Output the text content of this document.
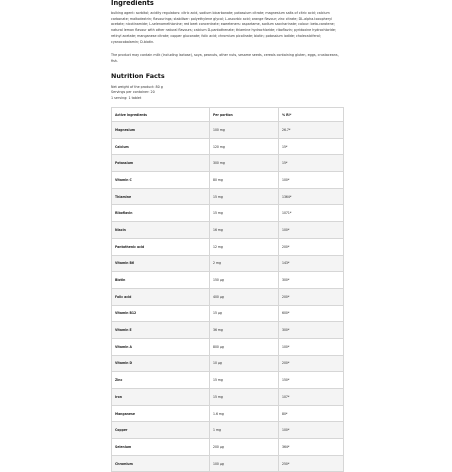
Ingredients

bulking agent: sorbitol; acidity regulators: citric acid, sodium bicarbonate; potassium citrate; magnesium salts of citric acid; calcium carbonate; maltodextrin; flavourings; stabiliser: polyethylene glycol; L-ascorbic acid; orange flavour; zinc citrate; DL-alpha-tocopheryl acetate; nicotinamide; L-selenomethionine; red beet concentrate; sweeteners: aspartame, sodium saccharinate; colour: beta-carotene; natural lemon flavour with other natural flavours; calcium D-pantothenate; thiamine hydrochloride; riboflavin; pyridoxine hydrochloride; retinyl acetate; manganese citrate; copper gluconate; folic acid; chromium picolinate; biotin; potassium iodide; cholecalciferol; cyanocobalamin; D-biotin.

The product may contain milk (including lactose), soya, peanuts, other nuts, sesame seeds, cereals containing gluten, eggs, crustaceans, fish.

Nutrition Facts
Net weight of the product: 80 g
Servings per container: 20
1 serving: 1 tablet
Active ingredients	Per portion	% RI*
Magnesium	100 mg	26.7*
Calcium	120 mg	15*
Potassium	300 mg	15*
Vitamin C	80 mg	100*
Thiamine	15 mg	1364*
Riboflavin	15 mg	1071*
Niacin	16 mg	100*
Pantothenic acid	12 mg	200*
Vitamin B6	2 mg	143*
Biotin	150 µg	300*
Folic acid	400 µg	200*
Vitamin B12	15 µg	600*
Vitamin E	36 mg	300*
Vitamin A	800 µg	100*
Vitamin D	10 µg	200*
Zinc	15 mg	150*
Iron	15 mg	107*
Manganese	1.6 mg	80*
Copper	1 mg	100*
Selenium	200 µg	364*
Chromium	100 µg	250*
